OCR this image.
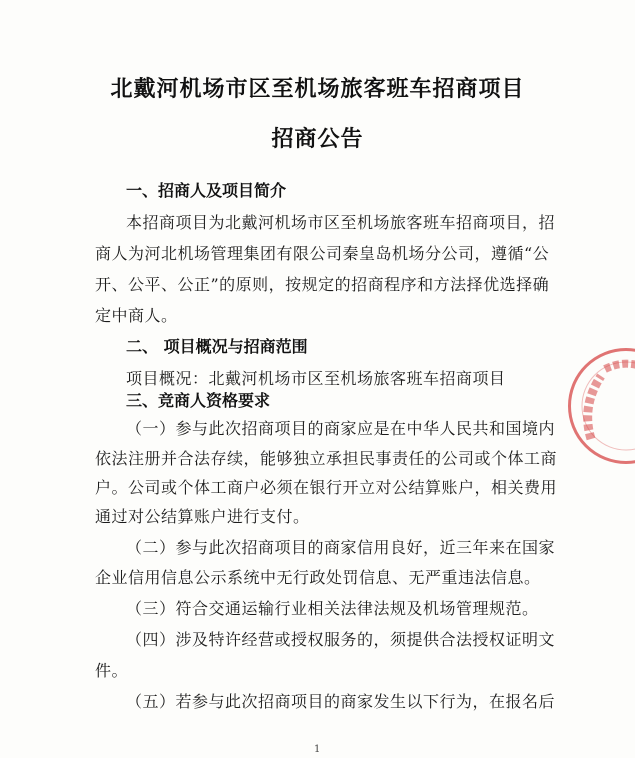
北戴河机场市区至机场旅客班车招商项目
招商公告
一、招商人及项目简介
本招商项目为北戴河机场市区至机场旅客班车招商项目，招
商人为河北机场管理集团有限公司秦皇岛机场分公司，遵循“公
开、公平、公正”的原则，按规定的招商程序和方法择优选择确
定中商人。
二、 项目概况与招商范围
项目概况：北戴河机场市区至机场旅客班车招商项目
三、竞商人资格要求
（一）参与此次招商项目的商家应是在中华人民共和国境内
依法注册并合法存续，能够独立承担民事责任的公司或个体工商
户。公司或个体工商户必须在银行开立对公结算账户，相关费用
通过对公结算账户进行支付。
（二）参与此次招商项目的商家信用良好，近三年来在国家
企业信用信息公示系统中无行政处罚信息、无严重违法信息。
（三）符合交通运输行业相关法律法规及机场管理规范。
（四）涉及特许经营或授权服务的，须提供合法授权证明文
件。
（五）若参与此次招商项目的商家发生以下行为，在报名后
1
